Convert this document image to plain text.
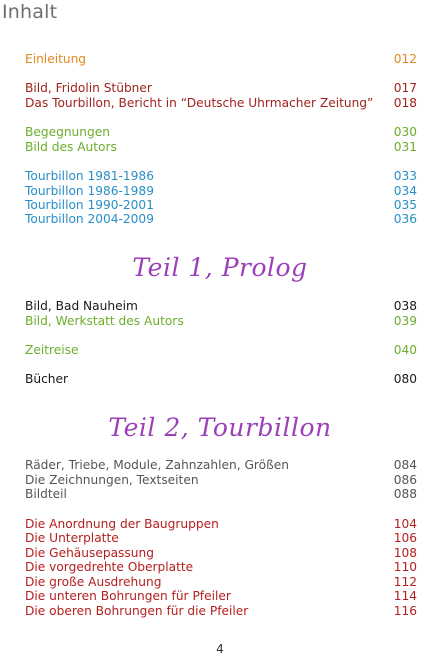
Inhalt
Einleitung	012
Bild, Fridolin Stübner	017
Das Tourbillon, Bericht in “Deutsche Uhrmacher Zeitung” 018
Begegnungen	030
Bild des Autors	031
Tourbillon 1981-1986	033
Tourbillon 1986-1989	034
Tourbillon 1990-2001	035
Tourbillon 2004-2009	036
Teil 1, Prolog
Bild, Bad Nauheim	038
Bild, Werkstatt des Autors	039
Zeitreise	040
Bücher	080
Teil 2, Tourbillon
Räder, Triebe, Module, Zahnzahlen, Größen	084
Die Zeichnungen, Textseiten	086
Bildteil	088
Die Anordnung der Baugruppen	104
Die Unterplatte	106
Die Gehäusepassung	108
Die vorgedrehte Oberplatte	110
Die große Ausdrehung	112
Die unteren Bohrungen für Pfeiler	114
Die oberen Bohrungen für die Pfeiler	116
4
